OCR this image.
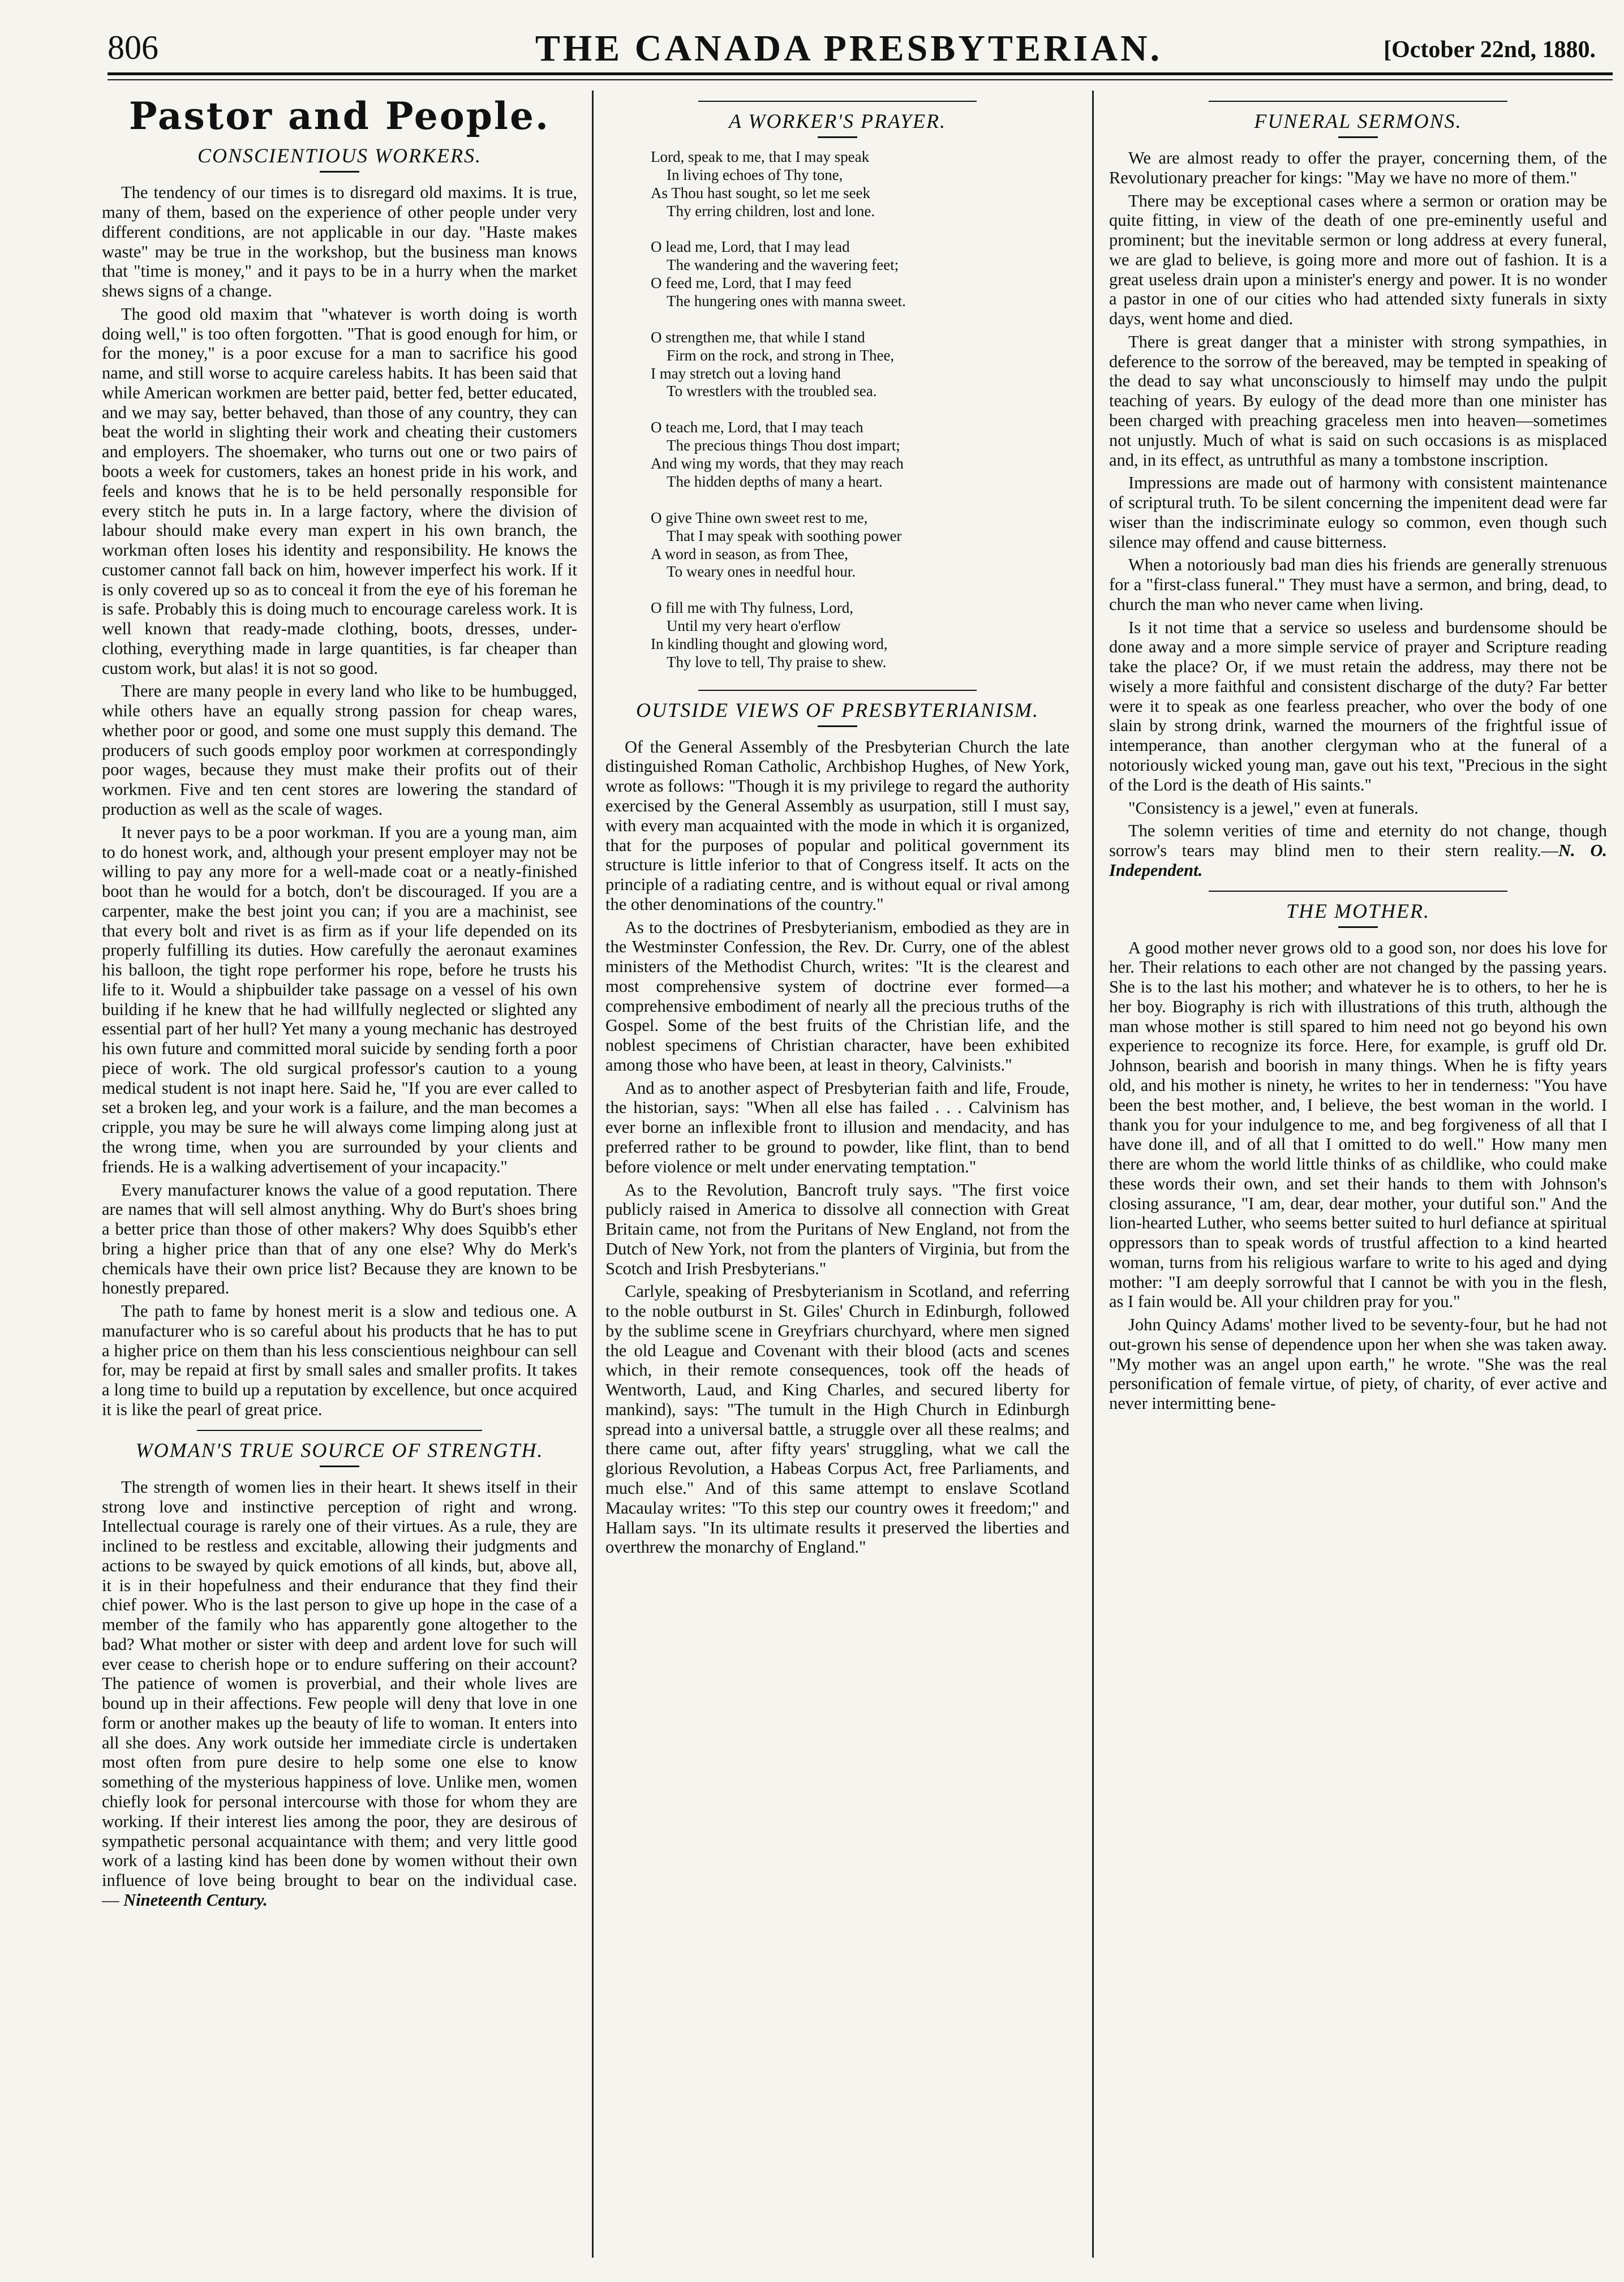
806	THE CANADA PRESBYTERIAN.	[October 22nd, 1880.
Pastor and People.
CONSCIENTIOUS WORKERS.

The tendency of our times is to disregard old maxims. It is true, many of them, based on the experience of other people under very different conditions, are not applicable in our day. "Haste makes waste" may be true in the workshop, but the business man knows that "time is money," and it pays to be in a hurry when the market shews signs of a change.

The good old maxim that "whatever is worth doing is worth doing well," is too often forgotten. "That is good enough for him, or for the money," is a poor excuse for a man to sacrifice his good name, and still worse to acquire careless habits. It has been said that while American workmen are better paid, better fed, better educated, and we may say, better behaved, than those of any country, they can beat the world in slighting their work and cheating their customers and employers. The shoemaker, who turns out one or two pairs of boots a week for customers, takes an honest pride in his work, and feels and knows that he is to be held personally responsible for every stitch he puts in. In a large factory, where the division of labour should make every man expert in his own branch, the workman often loses his identity and responsibility. He knows the customer cannot fall back on him, however imperfect his work. If it is only covered up so as to conceal it from the eye of his foreman he is safe. Probably this is doing much to encourage careless work. It is well known that ready-made clothing, boots, dresses, under-clothing, everything made in large quantities, is far cheaper than custom work, but alas! it is not so good.

There are many people in every land who like to be humbugged, while others have an equally strong passion for cheap wares, whether poor or good, and some one must supply this demand. The producers of such goods employ poor workmen at correspondingly poor wages, because they must make their profits out of their workmen. Five and ten cent stores are lowering the standard of production as well as the scale of wages.

It never pays to be a poor workman. If you are a young man, aim to do honest work, and, although your present employer may not be willing to pay any more for a well-made coat or a neatly-finished boot than he would for a botch, don't be discouraged. If you are a carpenter, make the best joint you can; if you are a machinist, see that every bolt and rivet is as firm as if your life depended on its properly fulfilling its duties. How carefully the aeronaut examines his balloon, the tight rope performer his rope, before he trusts his life to it. Would a shipbuilder take passage on a vessel of his own building if he knew that he had willfully neglected or slighted any essential part of her hull? Yet many a young mechanic has destroyed his own future and committed moral suicide by sending forth a poor piece of work. The old surgical professor's caution to a young medical student is not inapt here. Said he, "If you are ever called to set a broken leg, and your work is a failure, and the man becomes a cripple, you may be sure he will always come limping along just at the wrong time, when you are surrounded by your clients and friends. He is a walking advertisement of your incapacity."

Every manufacturer knows the value of a good reputation. There are names that will sell almost anything. Why do Burt's shoes bring a better price than those of other makers? Why does Squibb's ether bring a higher price than that of any one else? Why do Merk's chemicals have their own price list? Because they are known to be honestly prepared.

The path to fame by honest merit is a slow and tedious one. A manufacturer who is so careful about his products that he has to put a higher price on them than his less conscientious neighbour can sell for, may be repaid at first by small sales and smaller profits. It takes a long time to build up a reputation by excellence, but once acquired it is like the pearl of great price.

WOMAN'S TRUE SOURCE OF STRENGTH.

The strength of women lies in their heart. It shews itself in their strong love and instinctive perception of right and wrong. Intellectual courage is rarely one of their virtues. As a rule, they are inclined to be restless and excitable, allowing their judgments and actions to be swayed by quick emotions of all kinds, but, above all, it is in their hopefulness and their endurance that they find their chief power. Who is the last person to give up hope in the case of a member of the family who has apparently gone altogether to the bad? What mother or sister with deep and ardent love for such will ever cease to cherish hope or to endure suffering on their account? The patience of women is proverbial, and their whole lives are bound up in their affections. Few people will deny that love in one form or another makes up the beauty of life to woman. It enters into all she does. Any work outside her immediate circle is undertaken most often from pure desire to help some one else to know something of the mysterious happiness of love. Unlike men, women chiefly look for personal intercourse with those for whom they are working. If their interest lies among the poor, they are desirous of sympathetic personal acquaintance with them; and very little good work of a lasting kind has been done by women without their own influence of love being brought to bear on the individual case. — Nineteenth Century.

A WORKER'S PRAYER.
Lord, speak to me, that I may speak
In living echoes of Thy tone,
As Thou hast sought, so let me seek
Thy erring children, lost and lone.
O lead me, Lord, that I may lead
The wandering and the wavering feet;
O feed me, Lord, that I may feed
The hungering ones with manna sweet.
O strengthen me, that while I stand
Firm on the rock, and strong in Thee,
I may stretch out a loving hand
To wrestlers with the troubled sea.
O teach me, Lord, that I may teach
The precious things Thou dost impart;
And wing my words, that they may reach
The hidden depths of many a heart.
O give Thine own sweet rest to me,
That I may speak with soothing power
A word in season, as from Thee,
To weary ones in needful hour.
O fill me with Thy fulness, Lord,
Until my very heart o'erflow
In kindling thought and glowing word,
Thy love to tell, Thy praise to shew.
OUTSIDE VIEWS OF PRESBYTERIANISM.

Of the General Assembly of the Presbyterian Church the late distinguished Roman Catholic, Archbishop Hughes, of New York, wrote as follows: "Though it is my privilege to regard the authority exercised by the General Assembly as usurpation, still I must say, with every man acquainted with the mode in which it is organized, that for the purposes of popular and political government its structure is little inferior to that of Congress itself. It acts on the principle of a radiating centre, and is without equal or rival among the other denominations of the country."

As to the doctrines of Presbyterianism, embodied as they are in the Westminster Confession, the Rev. Dr. Curry, one of the ablest ministers of the Methodist Church, writes: "It is the clearest and most comprehensive system of doctrine ever formed—a comprehensive embodiment of nearly all the precious truths of the Gospel. Some of the best fruits of the Christian life, and the noblest specimens of Christian character, have been exhibited among those who have been, at least in theory, Calvinists."

And as to another aspect of Presbyterian faith and life, Froude, the historian, says: "When all else has failed . . . Calvinism has ever borne an inflexible front to illusion and mendacity, and has preferred rather to be ground to powder, like flint, than to bend before violence or melt under enervating temptation."

As to the Revolution, Bancroft truly says. "The first voice publicly raised in America to dissolve all connection with Great Britain came, not from the Puritans of New England, not from the Dutch of New York, not from the planters of Virginia, but from the Scotch and Irish Presbyterians."

Carlyle, speaking of Presbyterianism in Scotland, and referring to the noble outburst in St. Giles' Church in Edinburgh, followed by the sublime scene in Greyfriars churchyard, where men signed the old League and Covenant with their blood (acts and scenes which, in their remote consequences, took off the heads of Wentworth, Laud, and King Charles, and secured liberty for mankind), says: "The tumult in the High Church in Edinburgh spread into a universal battle, a struggle over all these realms; and there came out, after fifty years' struggling, what we call the glorious Revolution, a Habeas Corpus Act, free Parliaments, and much else." And of this same attempt to enslave Scotland Macaulay writes: "To this step our country owes it freedom;" and Hallam says. "In its ultimate results it preserved the liberties and overthrew the monarchy of England."

FUNERAL SERMONS.

We are almost ready to offer the prayer, concerning them, of the Revolutionary preacher for kings: "May we have no more of them."

There may be exceptional cases where a sermon or oration may be quite fitting, in view of the death of one pre-eminently useful and prominent; but the inevitable sermon or long address at every funeral, we are glad to believe, is going more and more out of fashion. It is a great useless drain upon a minister's energy and power. It is no wonder a pastor in one of our cities who had attended sixty funerals in sixty days, went home and died.

There is great danger that a minister with strong sympathies, in deference to the sorrow of the bereaved, may be tempted in speaking of the dead to say what unconsciously to himself may undo the pulpit teaching of years. By eulogy of the dead more than one minister has been charged with preaching graceless men into heaven—sometimes not unjustly. Much of what is said on such occasions is as misplaced and, in its effect, as untruthful as many a tombstone inscription.

Impressions are made out of harmony with consistent maintenance of scriptural truth. To be silent concerning the impenitent dead were far wiser than the indiscriminate eulogy so common, even though such silence may offend and cause bitterness.

When a notoriously bad man dies his friends are generally strenuous for a "first-class funeral." They must have a sermon, and bring, dead, to church the man who never came when living.

Is it not time that a service so useless and burdensome should be done away and a more simple service of prayer and Scripture reading take the place? Or, if we must retain the address, may there not be wisely a more faithful and consistent discharge of the duty? Far better were it to speak as one fearless preacher, who over the body of one slain by strong drink, warned the mourners of the frightful issue of intemperance, than another clergyman who at the funeral of a notoriously wicked young man, gave out his text, "Precious in the sight of the Lord is the death of His saints."

"Consistency is a jewel," even at funerals.

The solemn verities of time and eternity do not change, though sorrow's tears may blind men to their stern reality.—N. O. Independent.

THE MOTHER.

A good mother never grows old to a good son, nor does his love for her. Their relations to each other are not changed by the passing years. She is to the last his mother; and whatever he is to others, to her he is her boy. Biography is rich with illustrations of this truth, although the man whose mother is still spared to him need not go beyond his own experience to recognize its force. Here, for example, is gruff old Dr. Johnson, bearish and boorish in many things. When he is fifty years old, and his mother is ninety, he writes to her in tenderness: "You have been the best mother, and, I believe, the best woman in the world. I thank you for your indulgence to me, and beg forgiveness of all that I have done ill, and of all that I omitted to do well." How many men there are whom the world little thinks of as childlike, who could make these words their own, and set their hands to them with Johnson's closing assurance, "I am, dear, dear mother, your dutiful son." And the lion-hearted Luther, who seems better suited to hurl defiance at spiritual oppressors than to speak words of trustful affection to a kind hearted woman, turns from his religious warfare to write to his aged and dying mother: "I am deeply sorrowful that I cannot be with you in the flesh, as I fain would be. All your children pray for you."

John Quincy Adams' mother lived to be seventy-four, but he had not out-grown his sense of dependence upon her when she was taken away. "My mother was an angel upon earth," he wrote. "She was the real personification of female virtue, of piety, of charity, of ever active and never intermitting bene-
